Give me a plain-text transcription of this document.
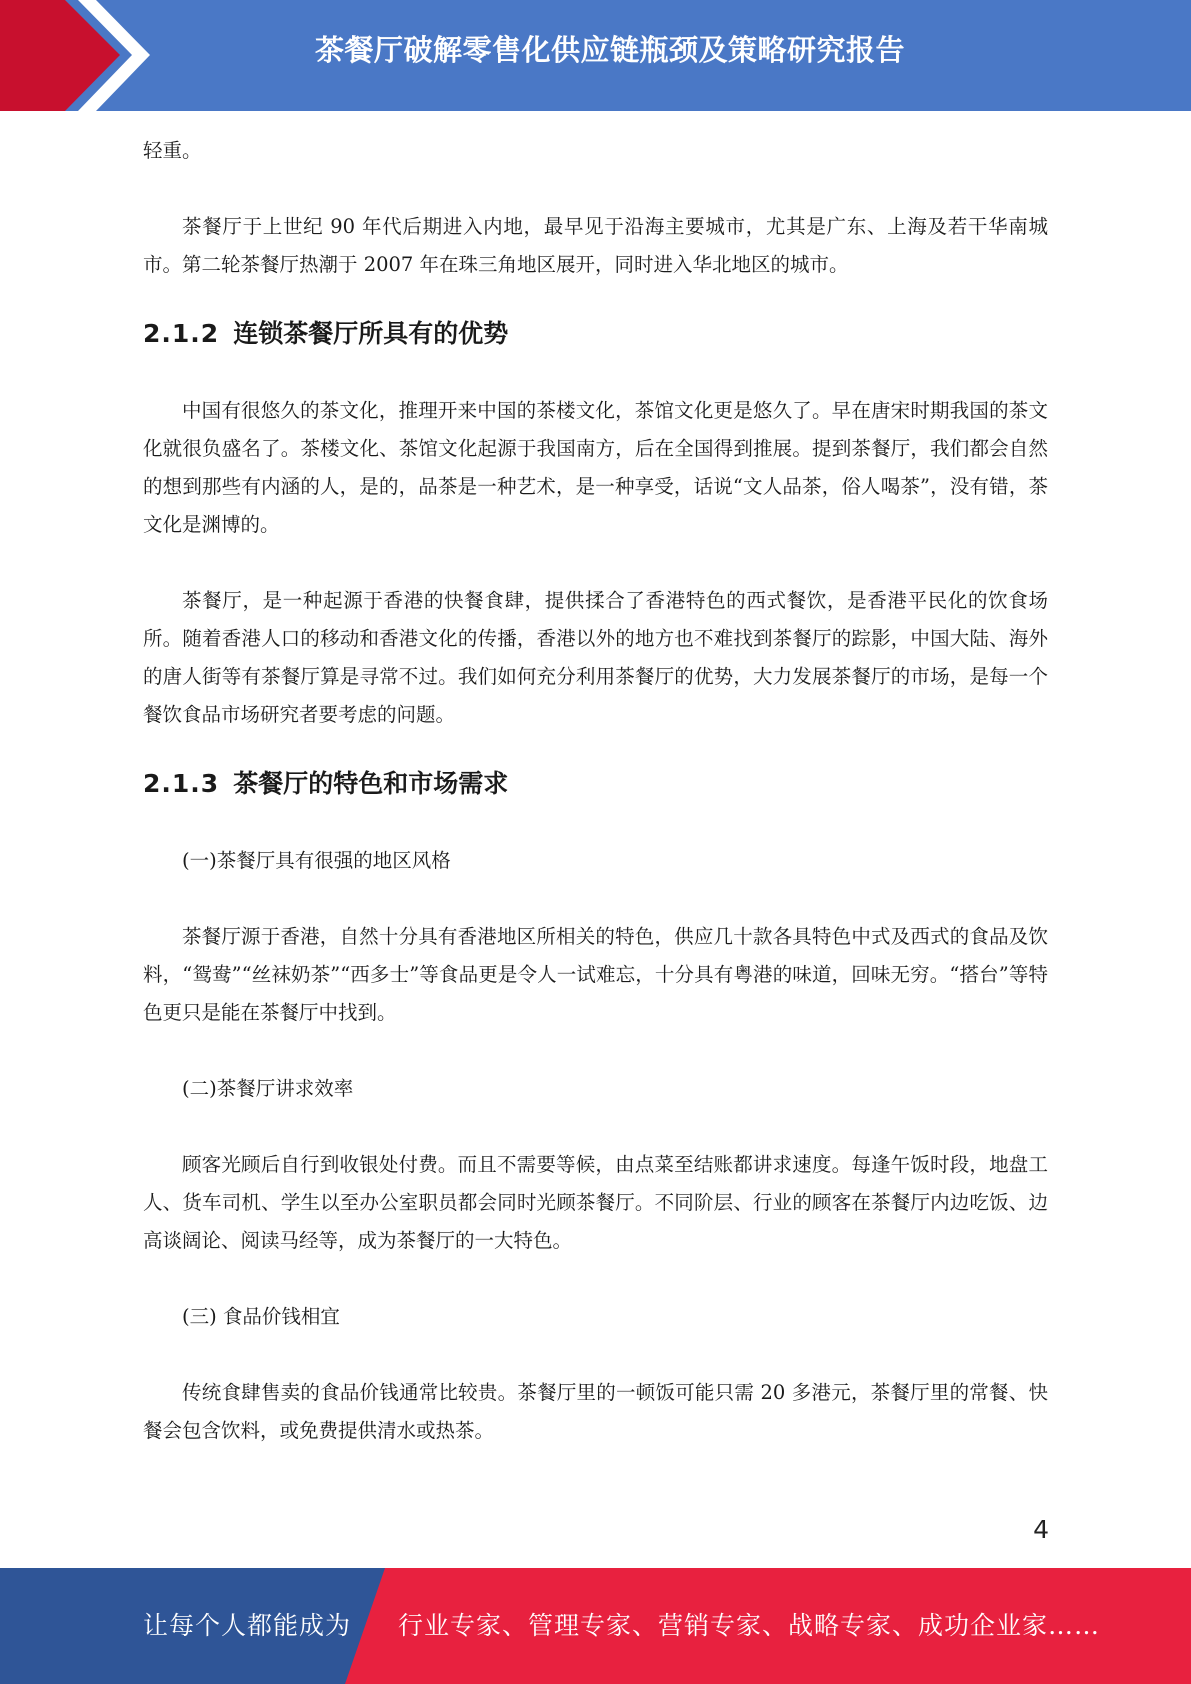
茶餐厅破解零售化供应链瓶颈及策略研究报告

轻重。

茶餐厅于上世纪 90 年代后期进入内地，最早见于沿海主要城市，尤其是广东、上海及若干华南城市。第二轮茶餐厅热潮于 2007 年在珠三角地区展开，同时进入华北地区的城市。

2.1.2 连锁茶餐厅所具有的优势

中国有很悠久的茶文化，推理开来中国的茶楼文化，茶馆文化更是悠久了。早在唐宋时期我国的茶文化就很负盛名了。茶楼文化、茶馆文化起源于我国南方，后在全国得到推展。提到茶餐厅，我们都会自然的想到那些有内涵的人，是的，品茶是一种艺术，是一种享受，话说“文人品茶，俗人喝茶”，没有错，茶文化是渊博的。

茶餐厅，是一种起源于香港的快餐食肆，提供揉合了香港特色的西式餐饮，是香港平民化的饮食场所。随着香港人口的移动和香港文化的传播，香港以外的地方也不难找到茶餐厅的踪影，中国大陆、海外的唐人街等有茶餐厅算是寻常不过。我们如何充分利用茶餐厅的优势，大力发展茶餐厅的市场，是每一个餐饮食品市场研究者要考虑的问题。

2.1.3 茶餐厅的特色和市场需求

(一)茶餐厅具有很强的地区风格

茶餐厅源于香港，自然十分具有香港地区所相关的特色，供应几十款各具特色中式及西式的食品及饮料，“鸳鸯”“丝袜奶茶”“西多士”等食品更是令人一试难忘，十分具有粤港的味道，回味无穷。“搭台”等特色更只是能在茶餐厅中找到。

(二)茶餐厅讲求效率

顾客光顾后自行到收银处付费。而且不需要等候，由点菜至结账都讲求速度。每逢午饭时段，地盘工人、货车司机、学生以至办公室职员都会同时光顾茶餐厅。不同阶层、行业的顾客在茶餐厅内边吃饭、边高谈阔论、阅读马经等，成为茶餐厅的一大特色。

(三) 食品价钱相宜

传统食肆售卖的食品价钱通常比较贵。茶餐厅里的一顿饭可能只需 20 多港元，茶餐厅里的常餐、快餐会包含饮料，或免费提供清水或热茶。

4
让每个人都能成为 行业专家、管理专家、营销专家、战略专家、成功企业家……
